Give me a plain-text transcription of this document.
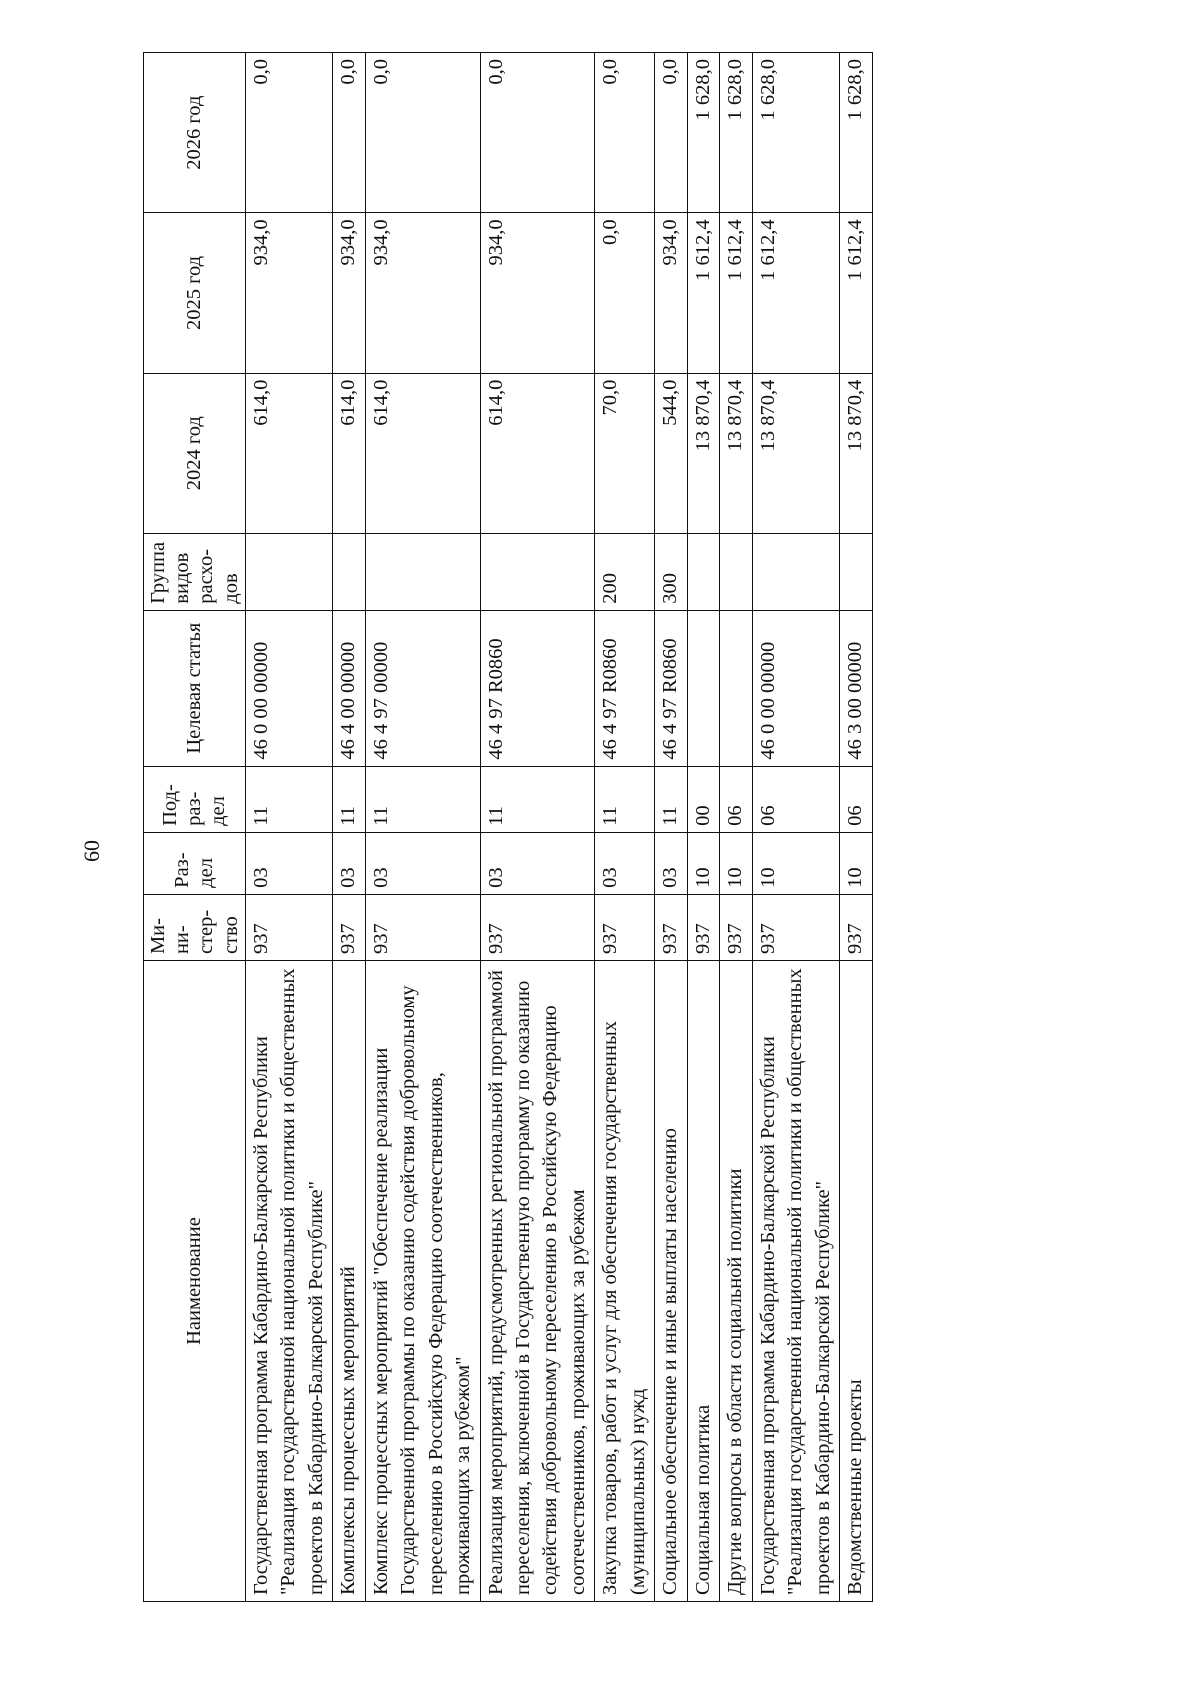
60
Наименование	Ми-
ни-
стер-
ство	Раз-
дел	Под-
раз-
дел	Целевая статья	Группа
видов
расхо-
дов	2024 год	2025 год	2026 год
Государственная программа Кабардино-Балкарской Республики "Реализация государственной национальной политики и общественных проектов в Кабардино-Балкарской Республике"	937	03	11	46 0 00 00000		614,0	934,0	0,0
Комплексы процессных мероприятий	937	03	11	46 4 00 00000		614,0	934,0	0,0
Комплекс процессных мероприятий "Обеспечение реализации Государственной программы по оказанию содействия добровольному переселению в Российскую Федерацию соотечественников, проживающих за рубежом"	937	03	11	46 4 97 00000		614,0	934,0	0,0
Реализация мероприятий, предусмотренных региональной программой переселения, включенной в Государственную программу по оказанию содействия добровольному переселению в Российскую Федерацию соотечественников, проживающих за рубежом	937	03	11	46 4 97 R0860		614,0	934,0	0,0
Закупка товаров, работ и услуг для обеспечения государственных (муниципальных) нужд	937	03	11	46 4 97 R0860	200	70,0	0,0	0,0
Социальное обеспечение и иные выплаты населению	937	03	11	46 4 97 R0860	300	544,0	934,0	0,0
Социальная политика	937	10	00			13 870,4	1 612,4	1 628,0
Другие вопросы в области социальной политики	937	10	06			13 870,4	1 612,4	1 628,0
Государственная программа Кабардино-Балкарской Республики "Реализация государственной национальной политики и общественных проектов в Кабардино-Балкарской Республике"	937	10	06	46 0 00 00000		13 870,4	1 612,4	1 628,0
Ведомственные проекты	937	10	06	46 3 00 00000		13 870,4	1 612,4	1 628,0
